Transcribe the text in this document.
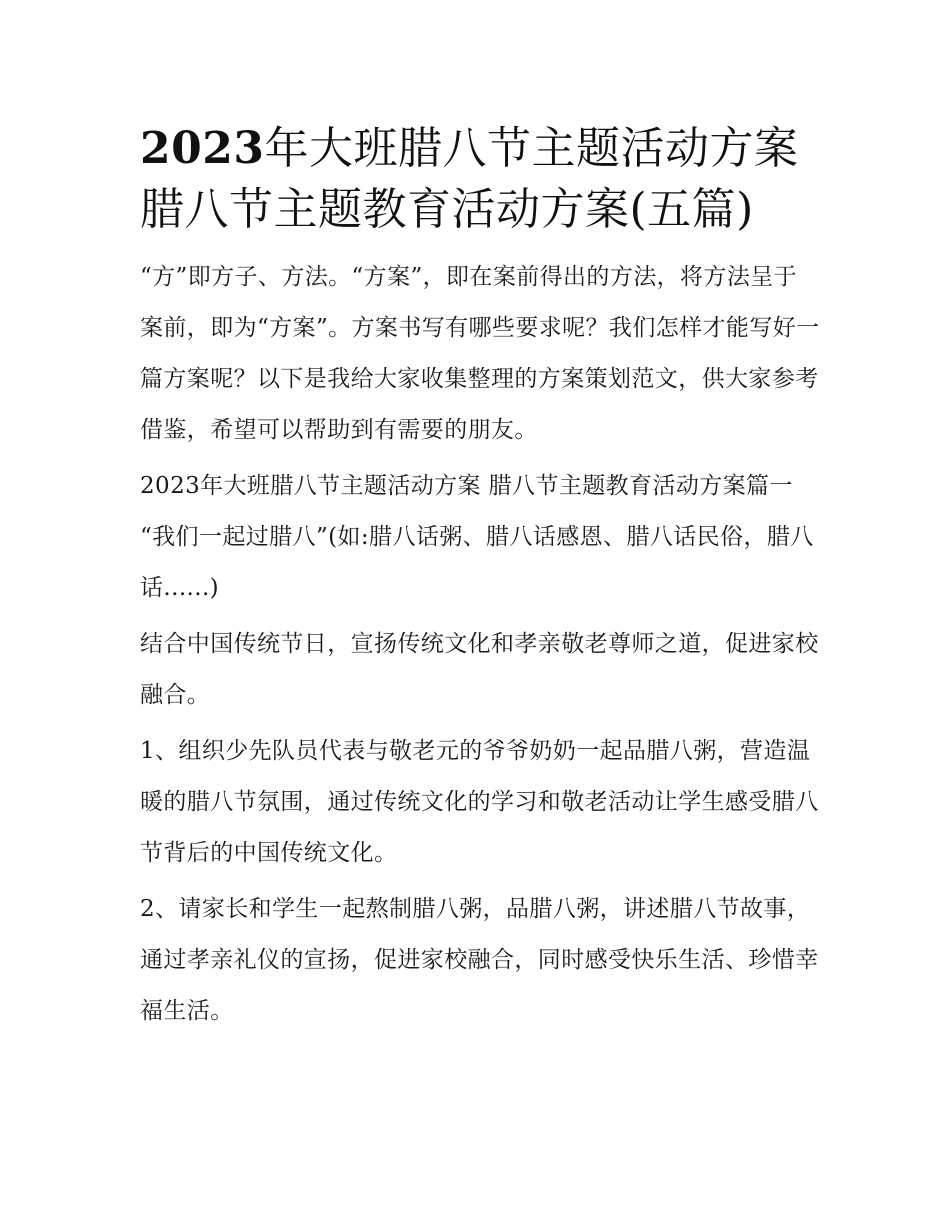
2023年大班腊八节主题活动方案 腊八节主题教育活动方案(五篇)

“方”即方子、方法。“方案”，即在案前得出的方法，将方法呈于案前，即为“方案”。方案书写有哪些要求呢？我们怎样才能写好一篇方案呢？以下是我给大家收集整理的方案策划范文，供大家参考借鉴，希望可以帮助到有需要的朋友。

2023年大班腊八节主题活动方案 腊八节主题教育活动方案篇一 “我们一起过腊八”(如:腊八话粥、腊八话感恩、腊八话民俗，腊八话......)

结合中国传统节日，宣扬传统文化和孝亲敬老尊师之道，促进家校融合。

1、组织少先队员代表与敬老元的爷爷奶奶一起品腊八粥，营造温暖的腊八节氛围，通过传统文化的学习和敬老活动让学生感受腊八节背后的中国传统文化。

2、请家长和学生一起熬制腊八粥，品腊八粥，讲述腊八节故事，通过孝亲礼仪的宣扬，促进家校融合，同时感受快乐生活、珍惜幸福生活。
